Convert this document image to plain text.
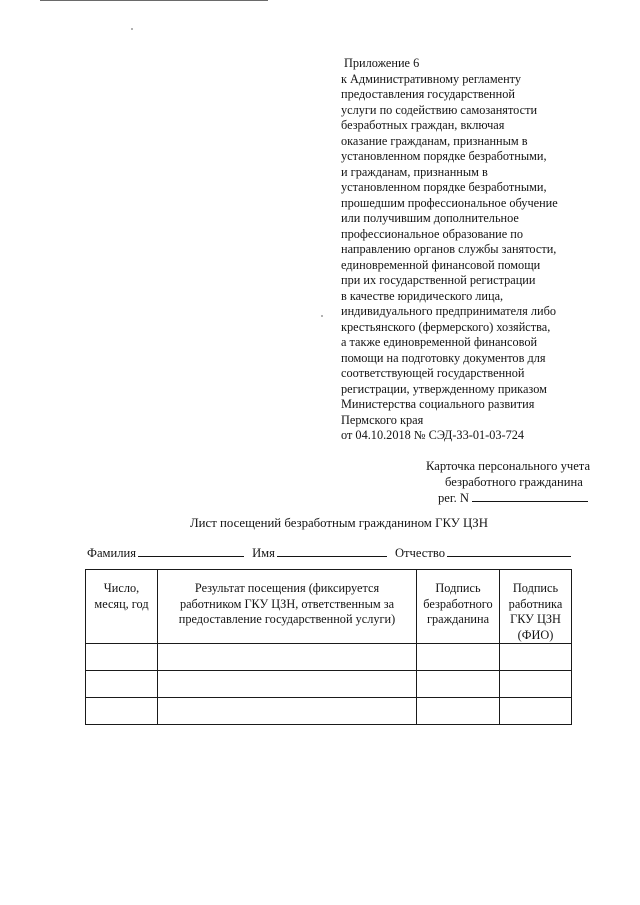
Приложение 6
к Административному регламенту
предоставления государственной
услуги по содействию самозанятости
безработных граждан, включая
оказание гражданам, признанным в
установленном порядке безработными,
и гражданам, признанным в
установленном порядке безработными,
прошедшим профессиональное обучение
или получившим дополнительное
профессиональное образование по
направлению органов службы занятости,
единовременной финансовой помощи
при их государственной регистрации
в качестве юридического лица,
индивидуального предпринимателя либо
крестьянского (фермерского) хозяйства,
а также единовременной финансовой
помощи на подготовку документов для
соответствующей государственной
регистрации, утвержденному приказом
Министерства социального развития
Пермского края
от 04.10.2018 № СЭД-33-01-03-724
Карточка персонального учета
безработного гражданина
рег. N
Лист посещений безработным гражданином ГКУ ЦЗН
Фамилия	Имя	Отчество
Число,
месяц, год	Результат посещения (фиксируется
работником ГКУ ЦЗН, ответственным за
предоставление государственной услуги)	Подпись
безработного
гражданина	Подпись
работника
ГКУ ЦЗН
(ФИО)
